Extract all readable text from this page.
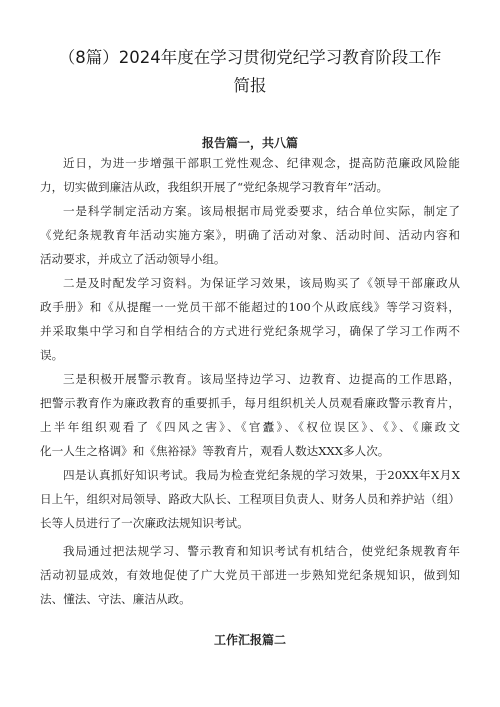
（8篇）2024年度在学习贯彻党纪学习教育阶段工作
简报
报告篇一，共八篇

近日，为进一步增强干部职工党性观念、纪律观念，提高防范廉政风险能

力，切实做到廉洁从政，我组织开展了“党纪条规学习教育年”活动。

一是科学制定活动方案。该局根据市局党委要求，结合单位实际，制定了

《党纪条规教育年活动实施方案》，明确了活动对象、活动时间、活动内容和

活动要求，并成立了活动领导小组。

二是及时配发学习资料。为保证学习效果，该局购买了《领导干部廉政从

政手册》和《从提醒一一党员干部不能超过的100个从政底线》等学习资料，

并采取集中学习和自学相结合的方式进行党纪条规学习，确保了学习工作两不

误。

三是积极开展警示教育。该局坚持边学习、边教育、边提高的工作思路，

把警示教育作为廉政教育的重要抓手，每月组织机关人员观看廉政警示教育片，

上半年组织观看了《四风之害》、《官蠹》、《权位误区》、《》、《廉政文

化一人生之格调》和《焦裕禄》等教育片，观看人数达XXX多人次。

四是认真抓好知识考试。我局为检查党纪条规的学习效果，于20XX年X月X

日上午，组织对局领导、路政大队长、工程项目负责人、财务人员和养护站（组）

长等人员进行了一次廉政法规知识考试。

我局通过把法规学习、警示教育和知识考试有机结合，使党纪条规教育年

活动初显成效，有效地促使了广大党员干部进一步熟知党纪条规知识，做到知

法、懂法、守法、廉洁从政。

工作汇报篇二
